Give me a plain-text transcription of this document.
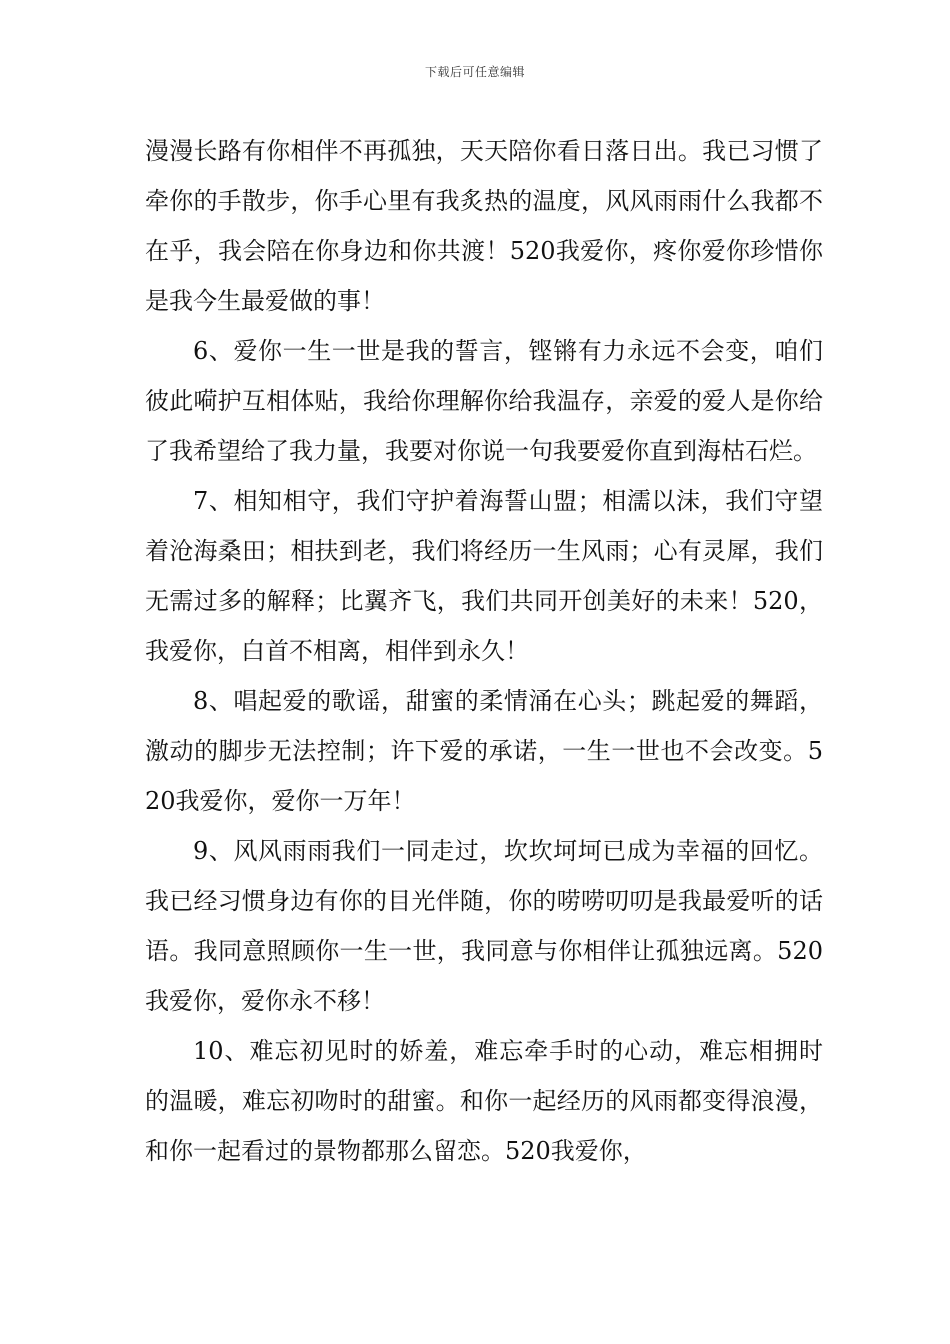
下载后可任意编辑

漫漫长路有你相伴不再孤独，天天陪你看日落日出。我已习惯了牵你的手散步，你手心里有我炙热的温度，风风雨雨什么我都不在乎，我会陪在你身边和你共渡！520我爱你，疼你爱你珍惜你是我今生最爱做的事！

6、爱你一生一世是我的誓言，铿锵有力永远不会变，咱们彼此嗬护互相体贴，我给你理解你给我温存，亲爱的爱人是你给了我希望给了我力量，我要对你说一句我要爱你直到海枯石烂。

7、相知相守，我们守护着海誓山盟；相濡以沫，我们守望着沧海桑田；相扶到老，我们将经历一生风雨；心有灵犀，我们无需过多的解释；比翼齐飞，我们共同开创美好的未来！520，我爱你，白首不相离，相伴到永久！

8、唱起爱的歌谣，甜蜜的柔情涌在心头；跳起爱的舞蹈，激动的脚步无法控制；许下爱的承诺，一生一世也不会改变。520我爱你，爱你一万年！

9、风风雨雨我们一同走过，坎坎坷坷已成为幸福的回忆。我已经习惯身边有你的目光伴随，你的唠唠叨叨是我最爱听的话语。我同意照顾你一生一世，我同意与你相伴让孤独远离。520我爱你，爱你永不移！

10、难忘初见时的娇羞，难忘牵手时的心动，难忘相拥时的温暖，难忘初吻时的甜蜜。和你一起经历的风雨都变得浪漫，和你一起看过的景物都那么留恋。520我爱你，
